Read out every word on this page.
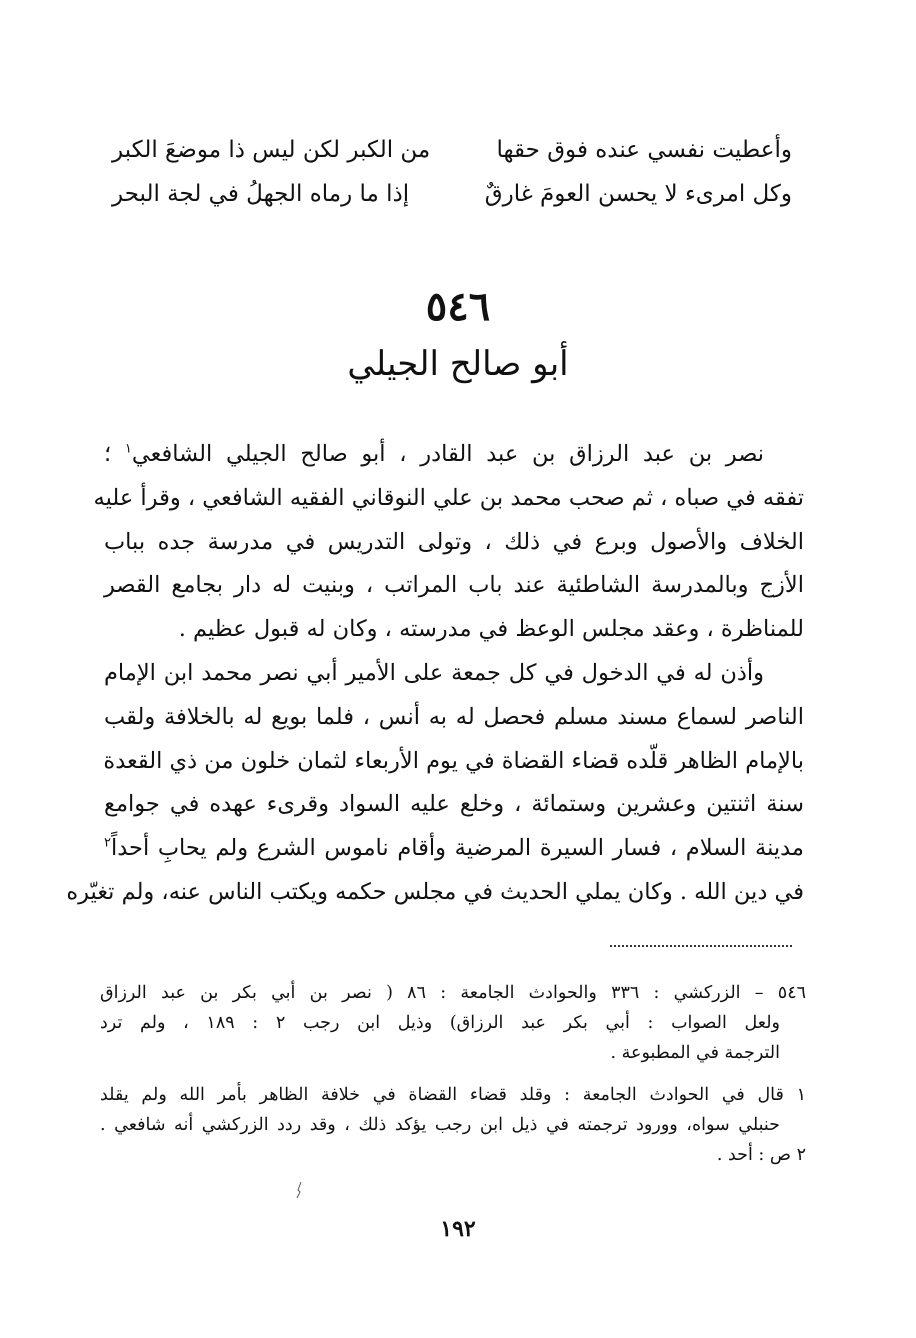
وأعطيت نفسي عنده فوق حقها
من الكبر لكن ليس ذا موضعَ الكبر
وكل امرىء لا يحسن العومَ غارقٌ
إذا ما رماه الجهلُ في لجة البحر
٥٤٦
أبو صالح الجيلي
نصر بن عبد الرزاق بن عبد القادر ، أبو صالح الجيلي الشافعي$^١$ ؛
تفقه في صباه ، ثم صحب محمد بن علي النوقاني الفقيه الشافعي ، وقرأ عليه
الخلاف والأصول وبرع في ذلك ، وتولى التدريس في مدرسة جده بباب
الأزج وبالمدرسة الشاطئية عند باب المراتب ، وبنيت له دار بجامع القصر
للمناظرة ، وعقد مجلس الوعظ في مدرسته ، وكان له قبول عظيم .
وأذن له في الدخول في كل جمعة على الأمير أبي نصر محمد ابن الإمام
الناصر لسماع مسند مسلم فحصل له به أنس ، فلما بويع له بالخلافة ولقب
بالإمام الظاهر قلّده قضاء القضاة في يوم الأربعاء لثمان خلون من ذي القعدة
سنة اثنتين وعشرين وستمائة ، وخلع عليه السواد وقرىء عهده في جوامع
مدينة السلام ، فسار السيرة المرضية وأقام ناموس الشرع ولم يحابِ أحداً$^٢$
في دين الله . وكان يملي الحديث في مجلس حكمه ويكتب الناس عنه، ولم تغيّره
٥٤٦ – الزركشي : ٣٣٦ والحوادث الجامعة : ٨٦ ( نصر بن أبي بكر بن عبد الرزاق
ولعل الصواب : أبي بكر عبد الرزاق) وذيل ابن رجب ٢ : ١٨٩ ، ولم ترد
الترجمة في المطبوعة .
١ قال في الحوادث الجامعة : وقلد قضاء القضاة في خلافة الظاهر بأمر الله ولم يقلد
حنبلي سواه، وورود ترجمته في ذيل ابن رجب يؤكد ذلك ، وقد ردد الزركشي أنه شافعي .
٢ ص : أحد .
١٩٢
